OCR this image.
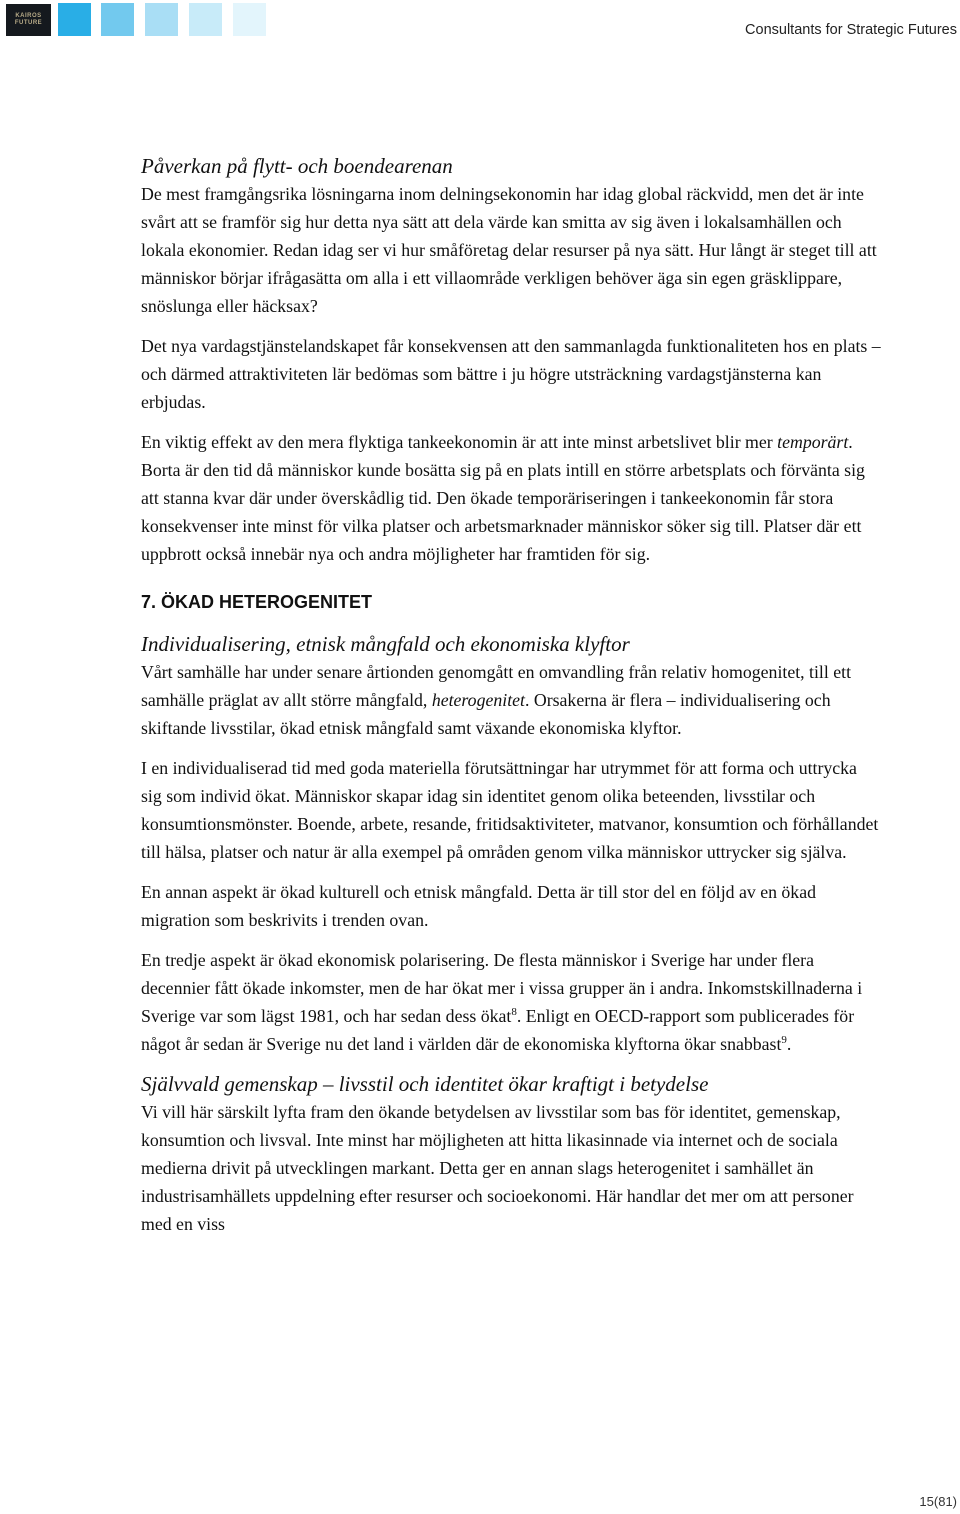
KAIROS
FUTURE	Consultants for Strategic Futures
Påverkan på flytt- och boendearenan

De mest framgångsrika lösningarna inom delningsekonomin har idag global räckvidd, men det är inte svårt att se framför sig hur detta nya sätt att dela värde kan smitta av sig även i lokalsamhällen och lokala ekonomier. Redan idag ser vi hur småföretag delar resurser på nya sätt. Hur långt är steget till att människor börjar ifrågasätta om alla i ett villaområde verkligen behöver äga sin egen gräsklippare, snöslunga eller häcksax?

Det nya vardagstjänstelandskapet får konsekvensen att den sammanlagda funktionaliteten hos en plats – och därmed attraktiviteten lär bedömas som bättre i ju högre utsträckning vardagstjänsterna kan erbjudas.

En viktig effekt av den mera flyktiga tankeekonomin är att inte minst arbetslivet blir mer temporärt. Borta är den tid då människor kunde bosätta sig på en plats intill en större arbetsplats och förvänta sig att stanna kvar där under överskådlig tid. Den ökade temporäriseringen i tankeekonomin får stora konsekvenser inte minst för vilka platser och arbetsmarknader människor söker sig till. Platser där ett uppbrott också innebär nya och andra möjligheter har framtiden för sig.

7. ÖKAD HETEROGENITET
Individualisering, etnisk mångfald och ekonomiska klyftor

Vårt samhälle har under senare årtionden genomgått en omvandling från relativ homogenitet, till ett samhälle präglat av allt större mångfald, heterogenitet. Orsakerna är flera – individualisering och skiftande livsstilar, ökad etnisk mångfald samt växande ekonomiska klyftor.

I en individualiserad tid med goda materiella förutsättningar har utrymmet för att forma och uttrycka sig som individ ökat. Människor skapar idag sin identitet genom olika beteenden, livsstilar och konsumtionsmönster. Boende, arbete, resande, fritidsaktiviteter, matvanor, konsumtion och förhållandet till hälsa, platser och natur är alla exempel på områden genom vilka människor uttrycker sig själva.

En annan aspekt är ökad kulturell och etnisk mångfald. Detta är till stor del en följd av en ökad migration som beskrivits i trenden ovan.

En tredje aspekt är ökad ekonomisk polarisering. De flesta människor i Sverige har under flera decennier fått ökade inkomster, men de har ökat mer i vissa grupper än i andra. Inkomstskillnaderna i Sverige var som lägst 1981, och har sedan dess ökat$^8$. Enligt en OECD-rapport som publicerades för något år sedan är Sverige nu det land i världen där de ekonomiska klyftorna ökar snabbast$^9$.

Självvald gemenskap – livsstil och identitet ökar kraftigt i betydelse

Vi vill här särskilt lyfta fram den ökande betydelsen av livsstilar som bas för identitet, gemenskap, konsumtion och livsval. Inte minst har möjligheten att hitta likasinnade via internet och de sociala medierna drivit på utvecklingen markant. Detta ger en annan slags heterogenitet i samhället än industrisamhällets uppdelning efter resurser och socioekonomi. Här handlar det mer om att personer med en viss

15(81)
